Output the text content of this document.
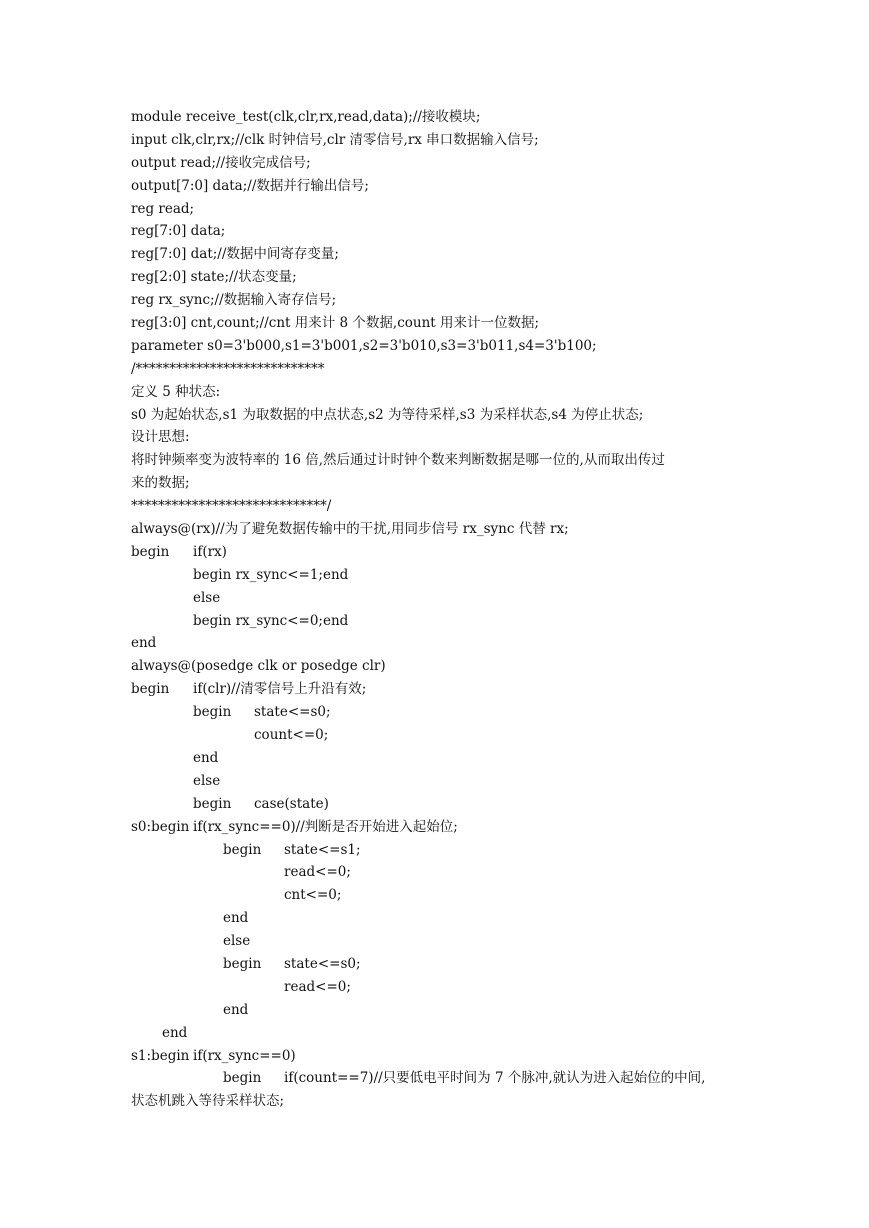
module receive_test(clk,clr,rx,read,data);//接收模块;
input clk,clr,rx;//clk 时钟信号,clr 清零信号,rx 串口数据输入信号;
output read;//接收完成信号;
output[7:0] data;//数据并行输出信号;
reg read;
reg[7:0] data;
reg[7:0] dat;//数据中间寄存变量;
reg[2:0] state;//状态变量;
reg rx_sync;//数据输入寄存信号;
reg[3:0] cnt,count;//cnt 用来计 8 个数据,count 用来计一位数据;
parameter s0=3'b000,s1=3'b001,s2=3'b010,s3=3'b011,s4=3'b100;
/****************************
定义 5 种状态:
s0 为起始状态,s1 为取数据的中点状态,s2 为等待采样,s3 为采样状态,s4 为停止状态;
设计思想:
将时钟频率变为波特率的 16 倍,然后通过计时钟个数来判断数据是哪一位的,从而取出传过
来的数据;
*****************************/
always@(rx)//为了避免数据传输中的干扰,用同步信号 rx_sync 代替 rx;
begin if(rx)
begin rx_sync<=1;end
else
begin rx_sync<=0;end
end
always@(posedge clk or posedge clr)
begin if(clr)//清零信号上升沿有效;
begin state<=s0;
count<=0;
end
else
begin case(state)
s0:begin if(rx_sync==0)//判断是否开始进入起始位;
begin state<=s1;
read<=0;
cnt<=0;
end
else
begin state<=s0;
read<=0;
end
end
s1:begin if(rx_sync==0)
begin if(count==7)//只要低电平时间为 7 个脉冲,就认为进入起始位的中间,
状态机跳入等待采样状态;
